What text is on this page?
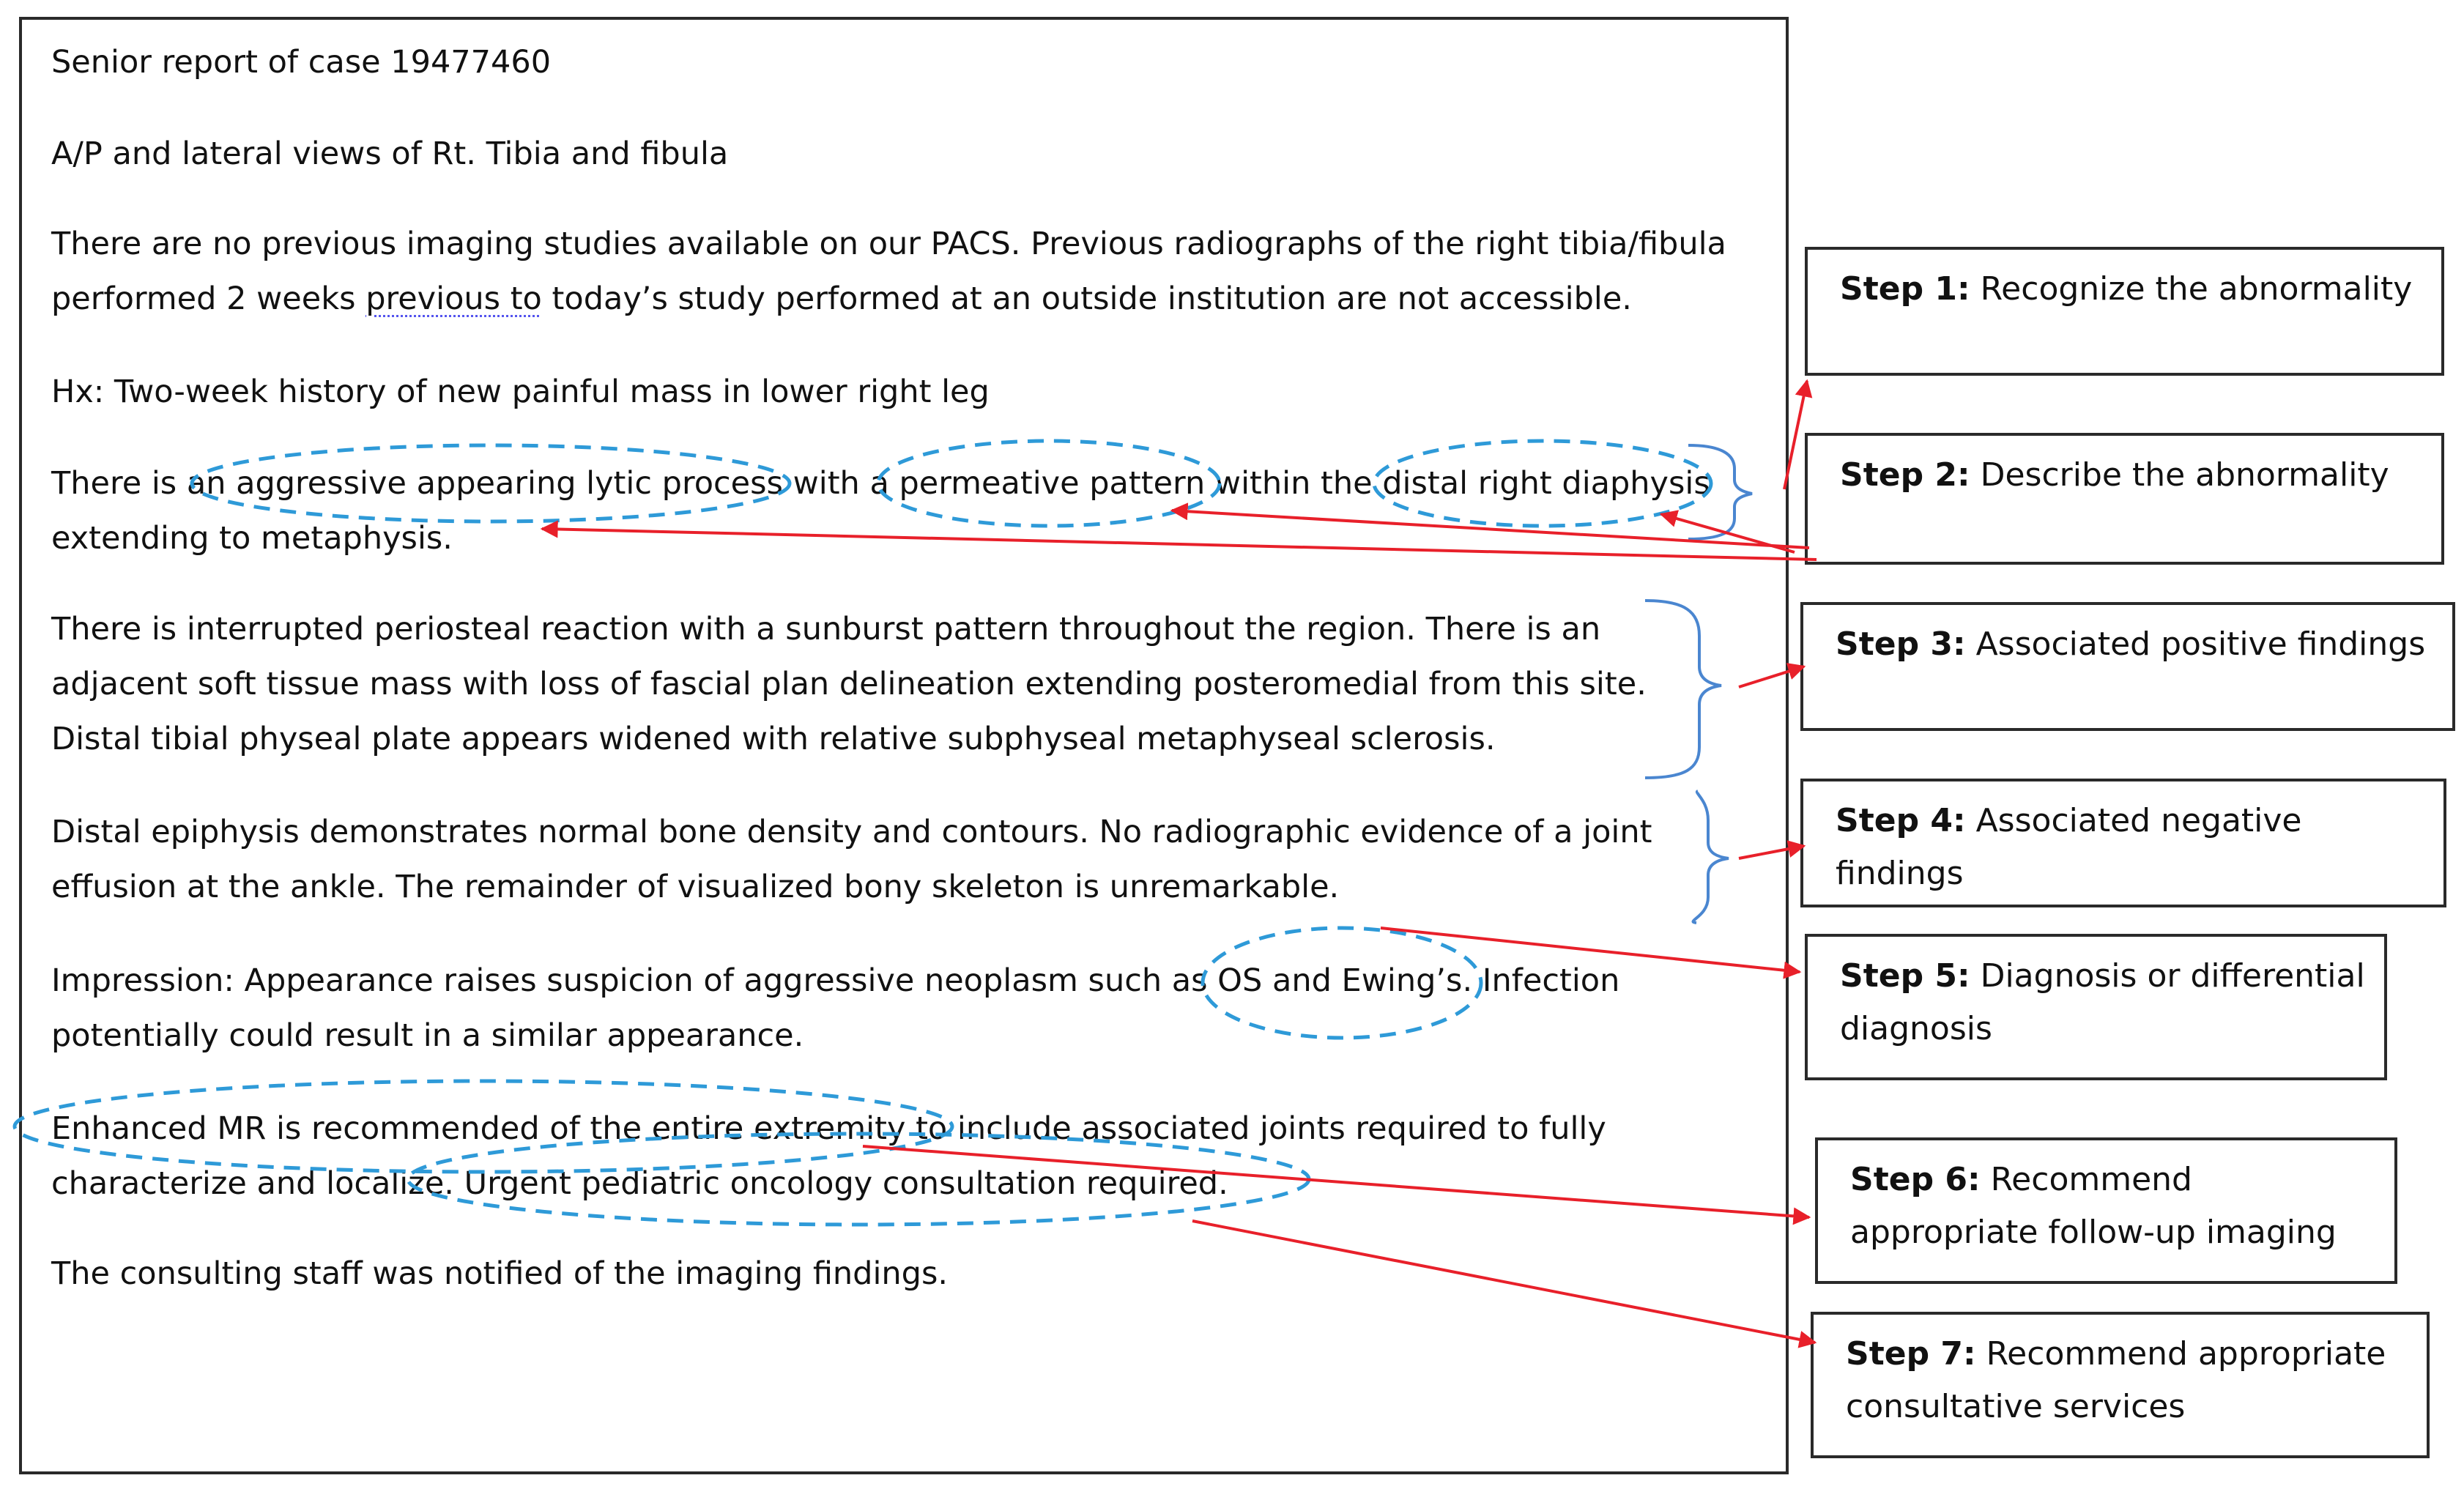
Senior report of case 19477460

A/P and lateral views of Rt. Tibia and fibula

There are no previous imaging studies available on our PACS. Previous radiographs of the right tibia/fibula
performed 2 weeks previous to today’s study performed at an outside institution are not accessible.

Hx: Two-week history of new painful mass in lower right leg

There is an aggressive appearing lytic process with a permeative pattern within the distal right diaphysis
extending to metaphysis.

There is interrupted periosteal reaction with a sunburst pattern throughout the region. There is an
adjacent soft tissue mass with loss of fascial plan delineation extending posteromedial from this site.
Distal tibial physeal plate appears widened with relative subphyseal metaphyseal sclerosis.

Distal epiphysis demonstrates normal bone density and contours. No radiographic evidence of a joint
effusion at the ankle. The remainder of visualized bony skeleton is unremarkable.

Impression: Appearance raises suspicion of aggressive neoplasm such as OS and Ewing’s. Infection
potentially could result in a similar appearance.

Enhanced MR is recommended of the entire extremity to include associated joints required to fully
characterize and localize. Urgent pediatric oncology consultation required.

The consulting staff was notified of the imaging findings.

Step 1: Recognize the abnormality
Step 2: Describe the abnormality
Step 3: Associated positive findings
Step 4: Associated negative findings
Step 5: Diagnosis or differential
diagnosis
Step 6: Recommend
appropriate follow-up imaging
Step 7: Recommend appropriate
consultative services
